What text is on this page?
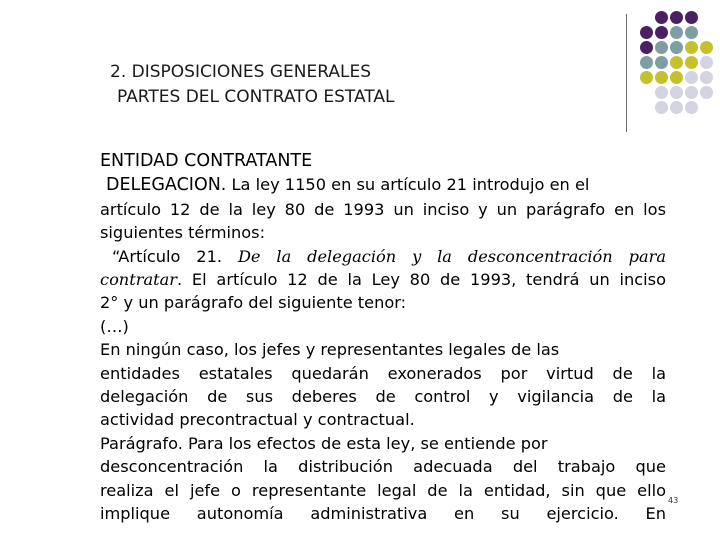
2. DISPOSICIONES GENERALES
PARTES DEL CONTRATO ESTATAL

ENTIDAD CONTRATANTE

DELEGACION. La ley 1150 en su artículo 21 introdujo en el

artículo 12 de la ley 80 de 1993 un inciso y un parágrafo en los

siguientes términos:

“Artículo 21. De la delegación y la desconcentración para

contratar. El artículo 12 de la Ley 80 de 1993, tendrá un inciso

2° y un parágrafo del siguiente tenor:

(…)

En ningún caso, los jefes y representantes legales de las

entidades estatales quedarán exonerados por virtud de la

delegación de sus deberes de control y vigilancia de la

actividad precontractual y contractual.

Parágrafo. Para los efectos de esta ley, se entiende por

desconcentración la distribución adecuada del trabajo que

realiza el jefe o representante legal de la entidad, sin que ello

implique autonomía administrativa en su ejercicio. En

43
